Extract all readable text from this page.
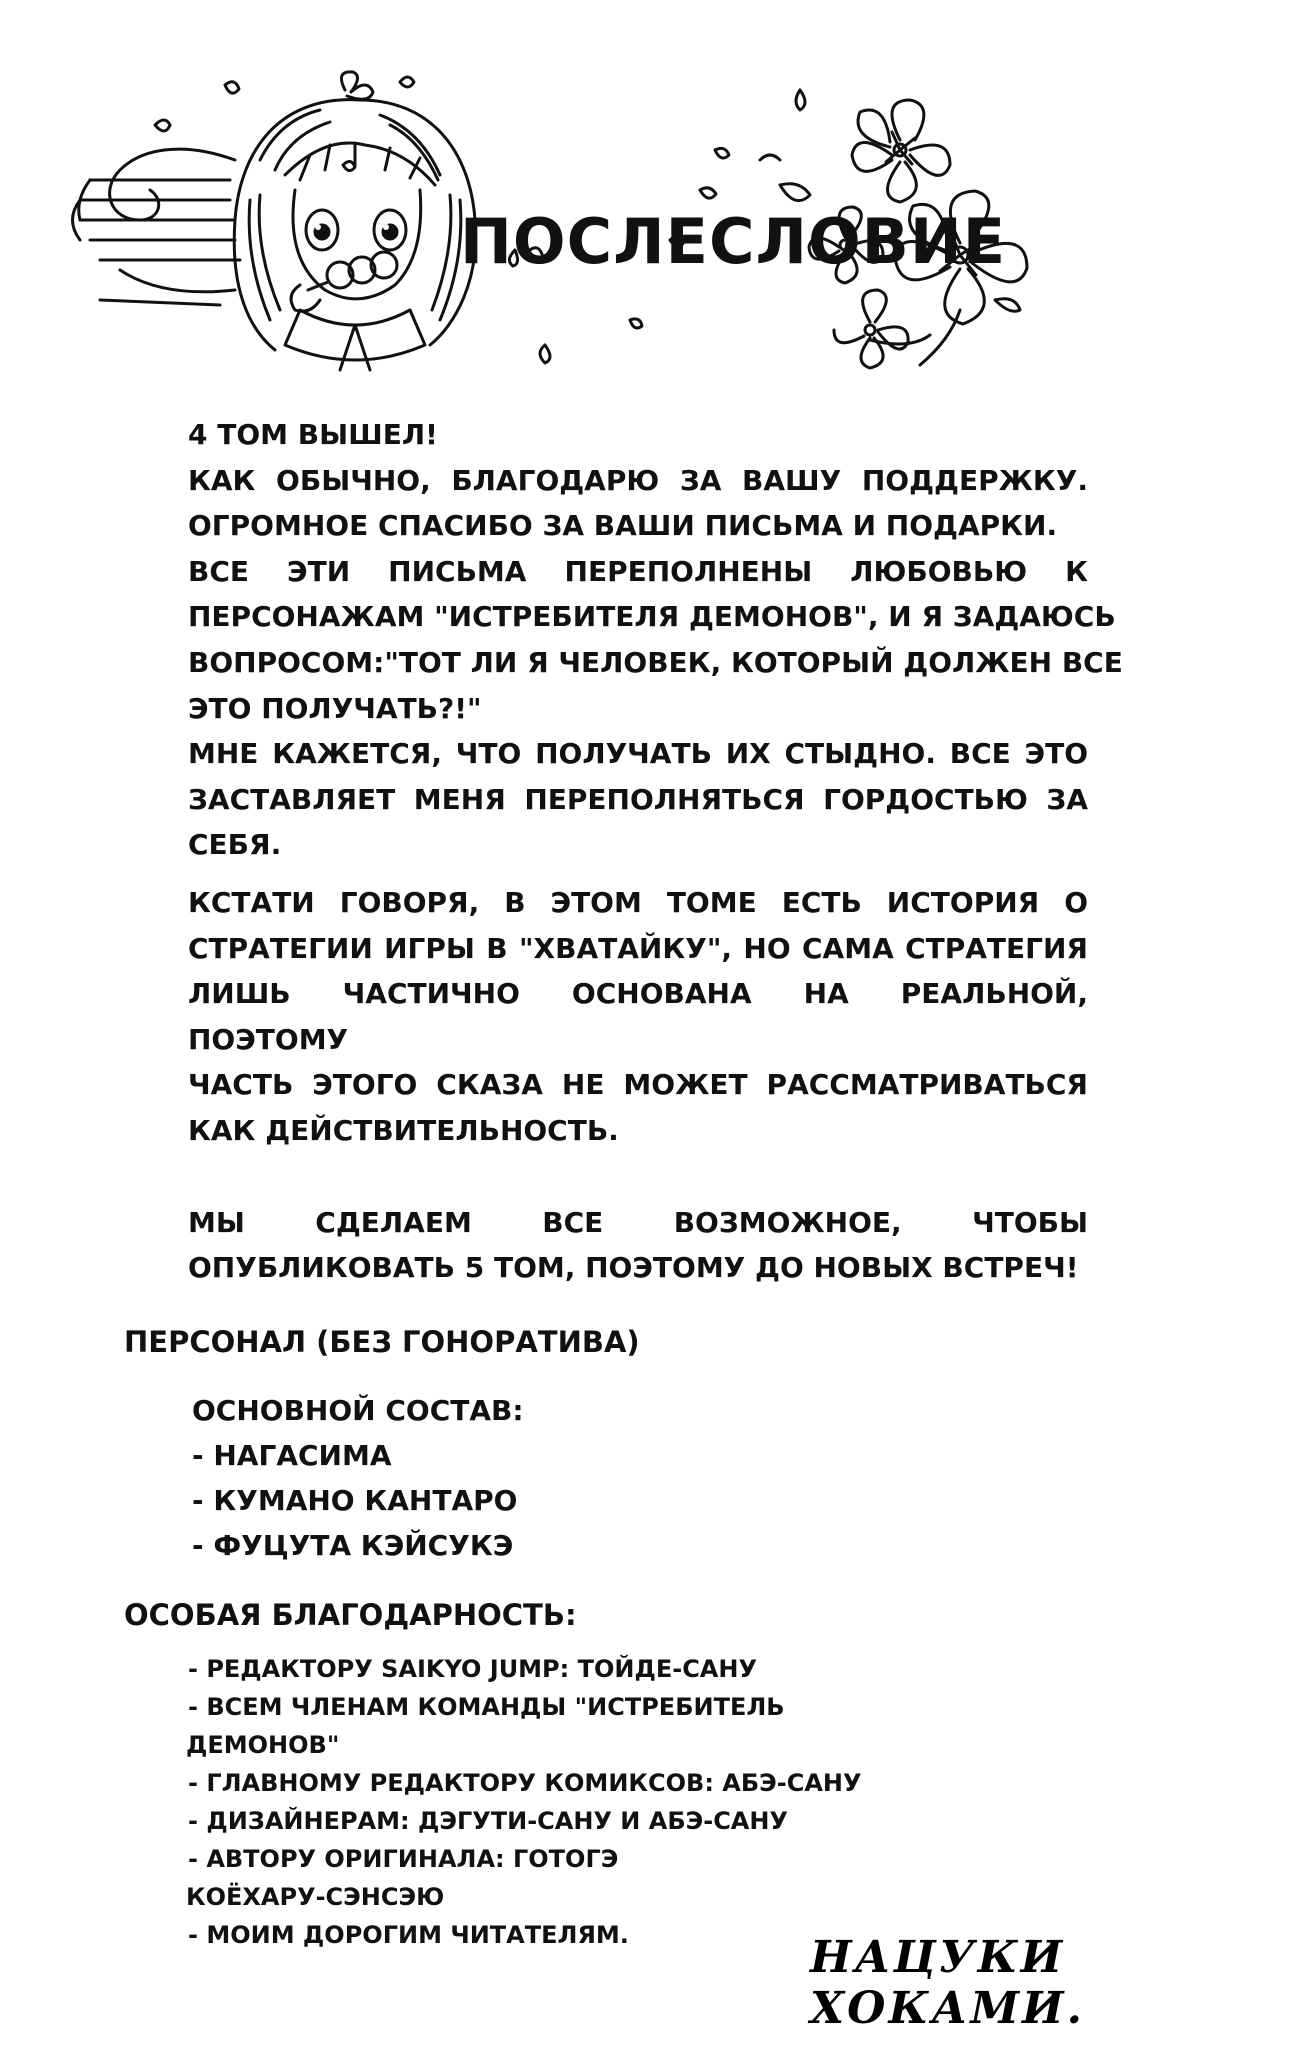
ПОСЛЕСЛОВИЕ
4 ТОМ ВЫШЕЛ!
КАК ОБЫЧНО, БЛАГОДАРЮ ЗА ВАШУ ПОДДЕРЖКУ.
ОГРОМНОЕ СПАСИБО ЗА ВАШИ ПИСЬМА И ПОДАРКИ.
ВСЕ ЭТИ ПИСЬМА ПЕРЕПОЛНЕНЫ ЛЮБОВЬЮ К
ПЕРСОНАЖАМ "ИСТРЕБИТЕЛЯ ДЕМОНОВ", И Я ЗАДАЮСЬ
ВОПРОСОМ:"ТОТ ЛИ Я ЧЕЛОВЕК, КОТОРЫЙ ДОЛЖЕН ВСЕ
ЭТО ПОЛУЧАТЬ?!"
МНЕ КАЖЕТСЯ, ЧТО ПОЛУЧАТЬ ИХ СТЫДНО. ВСЕ ЭТО
ЗАСТАВЛЯЕТ МЕНЯ ПЕРЕПОЛНЯТЬСЯ ГОРДОСТЬЮ ЗА
СЕБЯ.
КСТАТИ ГОВОРЯ, В ЭТОМ ТОМЕ ЕСТЬ ИСТОРИЯ О
СТРАТЕГИИ ИГРЫ В "ХВАТАЙКУ", НО САМА СТРАТЕГИЯ
ЛИШЬ ЧАСТИЧНО ОСНОВАНА НА РЕАЛЬНОЙ, ПОЭТОМУ
ЧАСТЬ ЭТОГО СКАЗА НЕ МОЖЕТ РАССМАТРИВАТЬСЯ
КАК ДЕЙСТВИТЕЛЬНОСТЬ.
МЫ СДЕЛАЕМ ВСЕ ВОЗМОЖНОЕ, ЧТОБЫ
ОПУБЛИКОВАТЬ 5 ТОМ, ПОЭТОМУ ДО НОВЫХ ВСТРЕЧ!
ПЕРСОНАЛ (БЕЗ ГОНОРАТИВА)
ОСНОВНОЙ СОСТАВ:
- НАГАСИМА
- КУМАНО КАНТАРО
- ФУЦУТА КЭЙСУКЭ
ОСОБАЯ БЛАГОДАРНОСТЬ:
- РЕДАКТОРУ SAIKYO JUMP: ТОЙДЕ-САНУ
- ВСЕМ ЧЛЕНАМ КОМАНДЫ "ИСТРЕБИТЕЛЬ
ДЕМОНОВ"
- ГЛАВНОМУ РЕДАКТОРУ КОМИКСОВ: АБЭ-САНУ
- ДИЗАЙНЕРАМ: ДЭГУТИ-САНУ И АБЭ-САНУ
- АВТОРУ ОРИГИНАЛА: ГОТОГЭ
КОЁХАРУ-СЭНСЭЮ
- МОИМ ДОРОГИМ ЧИТАТЕЛЯМ.	НАЦУКИ ХОКАМИ.
